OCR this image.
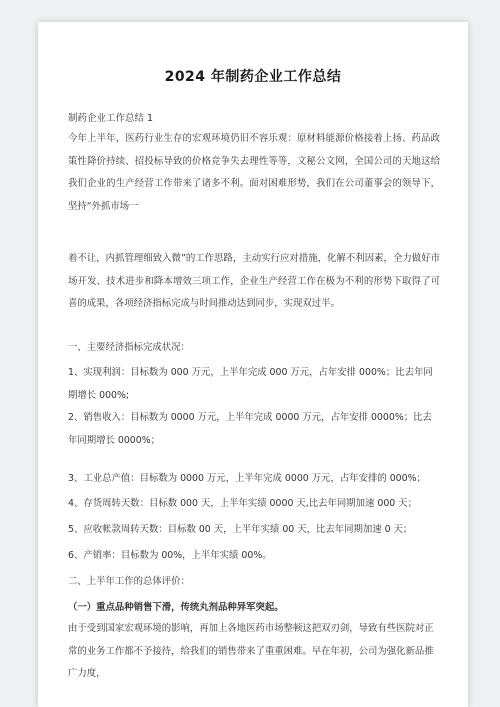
2024 年制药企业工作总结
制药企业工作总结 1
今年上半年，医药行业生存的宏观环境仍旧不容乐观：原材料能源价格接着上扬、药品政策性降价持续、招投标导致的价格竞争失去理性等等，文秘公文网，全国公司的天地这给我们企业的生产经营工作带来了诸多不利。面对困难形势，我们在公司董事会的领导下，坚持“外抓市场一
着不让，内抓管理细致入微”的工作思路，主动实行应对措施，化解不利因素，全力做好市场开发、技术进步和降本增效三项工作，企业生产经营工作在极为不利的形势下取得了可喜的成果，各项经济指标完成与时间推动达到同步，实现双过半。
一、主要经济指标完成状况：
1、实现利润：目标数为 000 万元，上半年完成 000 万元，占年安排 000%；比去年同期增长 000%;
2、销售收入：目标数为 0000 万元，上半年完成 0000 万元，占年安排 0000%；比去年同期增长 0000%；
3、工业总产值：目标数为 0000 万元，上半年完成 0000 万元，占年安排的 000%；
4、存货周转天数：目标数 000 天，上半年实绩 0000 天,比去年同期加速 000 天；
5、应收帐款周转天数：目标数 00 天，上半年实绩 00 天，比去年同期加速 0 天；
6、产销率：目标数为 00%，上半年实绩 00%。
二、上半年工作的总体评价：
（一）重点品种销售下滑，传统丸剂品种异军突起。
由于受到国家宏观环境的影响，再加上各地医药市场整顿这把双刃剑，导致有些医院对正常的业务工作都不予接待，给我们的销售带来了重重困难。早在年初，公司为强化新品推广力度，
